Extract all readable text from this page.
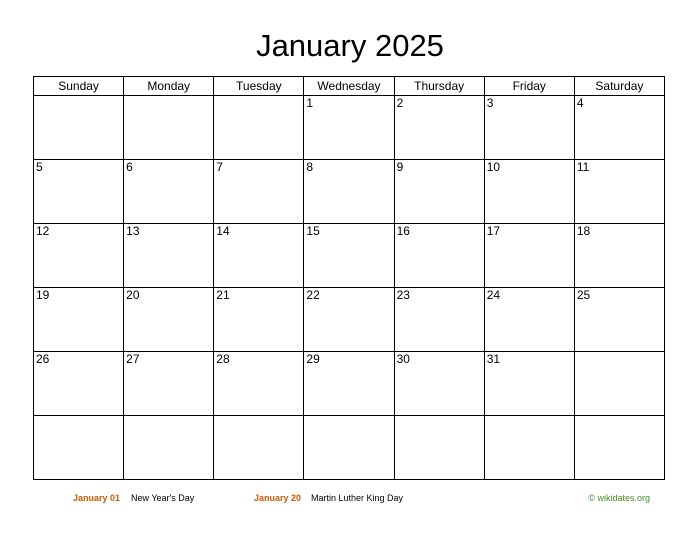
January 2025
Sunday	Monday	Tuesday	Wednesday	Thursday	Friday	Saturday

			1	2	3	4

5	6	7	8	9	10	11

12	13	14	15	16	17	18

19	20	21	22	23	24	25

26	27	28	29	30	31	

January 01 New Year's Day	January 20 Martin Luther King Day	© wikidates.org
